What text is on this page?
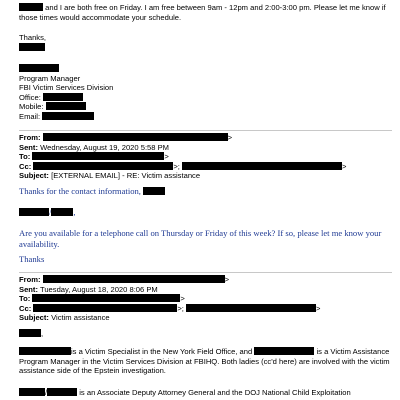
and I are both free on Friday. I am free between 9am - 12pm and 2:00-3:00 pm. Please let me know if
those times would accommodate your schedule.
Thanks,
Program Manager
FBI Victim Services Division
Office:
Mobile:
Email:
From:	>
Sent: Wednesday, August 19, 2020 5:58 PM
To:	>
Cc:	>;	>
Subject: [EXTERNAL EMAIL] - RE: Victim assistance
Thanks for the contact information,
/	,
Are you available for a telephone call on Thursday or Friday of this week? If so, please let me know your availability.
Thanks
From:	>
Sent: Tuesday, August 18, 2020 8:06 PM
To:	>
Cc:	>;	>
Subject: Victim assistance
,
is a Victim Specialist in the New York Field Office, and	is a Victim Assistance
Program Manager in the Victim Services Division at FBIHQ. Both ladies (cc'd here) are involved with the victim
assistance side of the Epstein investigation.
/	is an Associate Deputy Attorney General and the DOJ National Child Exploitation
